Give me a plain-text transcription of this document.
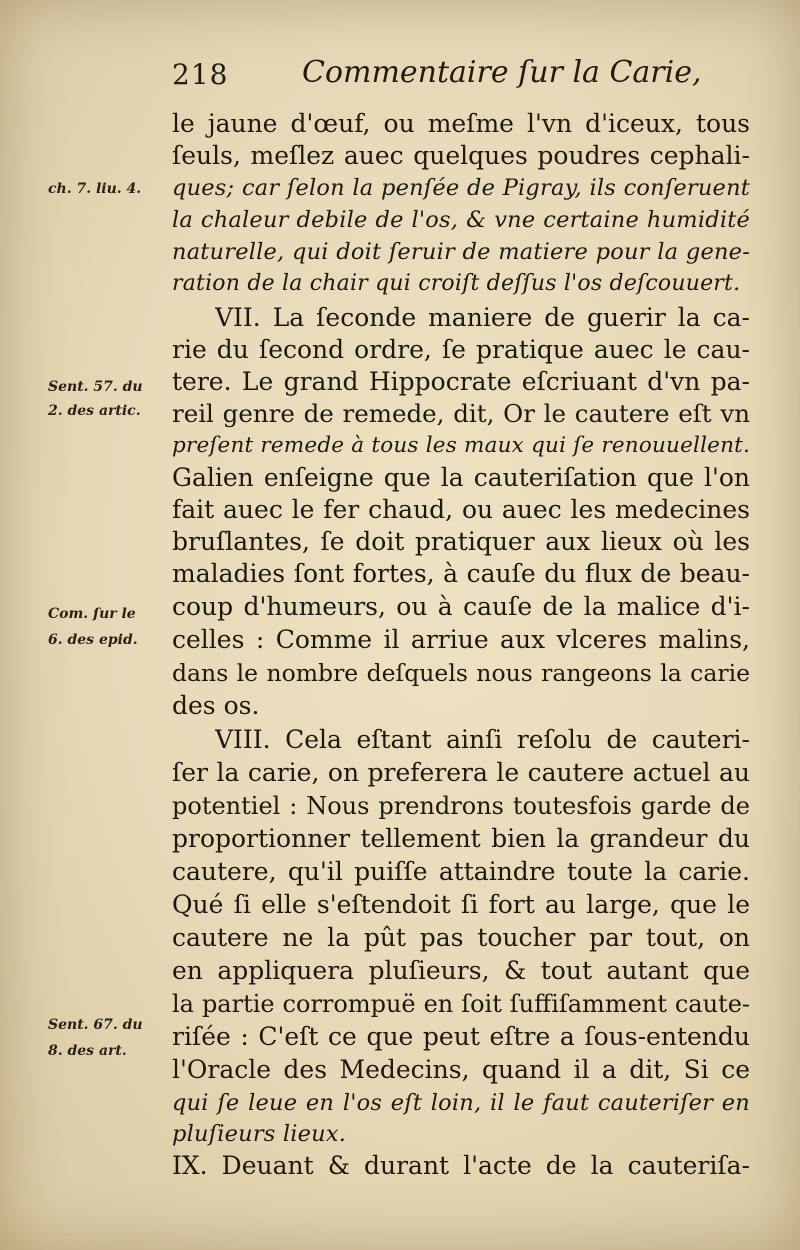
218 Commentaire ſur la Carie,
le jaune d'œuf, ou meſme l'vn d'iceux, tous
ſeuls, meſlez auec quelques poudres cephali-
ques; car ſelon la penſée de Pigray, ils conſeruent
la chaleur debile de l'os, & vne certaine humidité
naturelle, qui doit ſeruir de matiere pour la gene-
ration de la chair qui croiſt deſſus l'os deſcouuert.
VII. La ſeconde maniere de guerir la ca-
rie du ſecond ordre, ſe pratique auec le cau-
tere. Le grand Hippocrate eſcriuant d'vn pa-
reil genre de remede, dit, Or le cautere eſt vn
preſent remede à tous les maux qui ſe renouuellent.
Galien enſeigne que la cauteriſation que l'on
fait auec le fer chaud, ou auec les medecines
bruſlantes, ſe doit pratiquer aux lieux où les
maladies ſont fortes, à cauſe du flux de beau-
coup d'humeurs, ou à cauſe de la malice d'i-
celles : Comme il arriue aux vlceres malins,
dans le nombre deſquels nous rangeons la carie
des os.
VIII. Cela eſtant ainſi reſolu de cauteri-
ſer la carie, on preferera le cautere actuel au
potentiel : Nous prendrons toutesfois garde de
proportionner tellement bien la grandeur du
cautere, qu'il puiſſe attaindre toute la carie.
Qué ſi elle s'eſtendoit ſi fort au large, que le
cautere ne la pût pas toucher par tout, on
en appliquera pluſieurs, & tout autant que
la partie corrompuë en ſoit ſuffiſamment caute-
riſée : C'eſt ce que peut eſtre a ſous-entendu
l'Oracle des Medecins, quand il a dit, Si ce
qui ſe leue en l'os eſt loin, il le faut cauteriſer en
pluſieurs lieux.
IX. Deuant & durant l'acte de la cauteriſa-
ch. 7. liu. 4.
Sent. 57. du
2. des artic.
Com. ſur le
6. des epid.
Sent. 67. du
8. des art.
